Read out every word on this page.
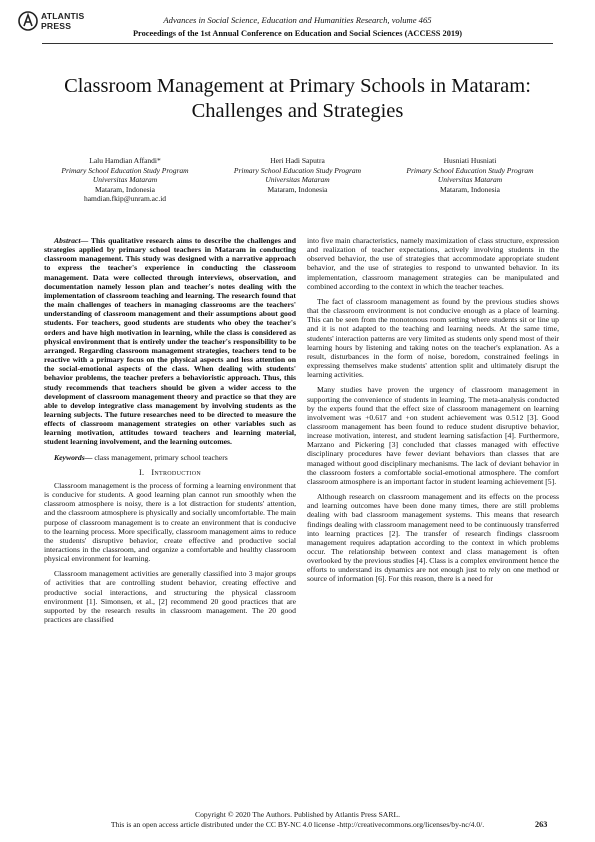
ATLANTIS
PRESS
Advances in Social Science, Education and Humanities Research, volume 465
Proceedings of the 1st Annual Conference on Education and Social Sciences (ACCESS 2019)
Classroom Management at Primary Schools in Mataram: Challenges and Strategies
Lalu Hamdian Affandi*
Primary School Education Study Program
Universitas Mataram
Mataram, Indonesia
hamdian.fkip@unram.ac.id
Heri Hadi Saputra
Primary School Education Study Program
Universitas Mataram
Mataram, Indonesia
Husniati Husniati
Primary School Education Study Program
Universitas Mataram
Mataram, Indonesia

Abstract— This qualitative research aims to describe the challenges and strategies applied by primary school teachers in Mataram in conducting classroom management. This study was designed with a narrative approach to express the teacher's experience in conducting the classroom management. Data were collected through interviews, observation, and documentation namely lesson plan and teacher's notes dealing with the implementation of classroom teaching and learning. The research found that the main challenges of teachers in managing classrooms are the teachers' understanding of classroom management and their assumptions about good students. For teachers, good students are students who obey the teacher's orders and have high motivation in learning, while the class is considered as physical environment that is entirely under the teacher's responsibility to be arranged. Regarding classroom management strategies, teachers tend to be reactive with a primary focus on the physical aspects and less attention on the social-emotional aspects of the class. When dealing with students' behavior problems, the teacher prefers a behavioristic approach. Thus, this study recommends that teachers should be given a wider access to the development of classroom management theory and practice so that they are able to develop integrative class management by involving students as the learning subjects. The future researches need to be directed to measure the effects of classroom management strategies on other variables such as learning motivation, attitudes toward teachers and learning material, student learning involvement, and the learning outcomes.

Keywords— class management, primary school teachers

I. Introduction

Classroom management is the process of forming a learning environment that is conducive for students. A good learning plan cannot run smoothly when the classroom atmosphere is noisy, there is a lot distraction for students' attention, and the classroom atmosphere is physically and socially uncomfortable. The main purpose of classroom management is to create an environment that is conducive to the learning process. More specifically, classroom management aims to reduce the students' disruptive behavior, create effective and productive social interactions in the classroom, and organize a comfortable and healthy classroom physical environment for learning.

Classroom management activities are generally classified into 3 major groups of activities that are controlling student behavior, creating effective and productive social interactions, and structuring the physical classroom environment [1]. Simonsen, et al., [2] recommend 20 good practices that are supported by the research results in classroom management. The 20 good practices are classified

into five main characteristics, namely maximization of class structure, expression and realization of teacher expectations, actively involving students in the observed behavior, the use of strategies that accommodate appropriate student behavior, and the use of strategies to respond to unwanted behavior. In its implementation, classroom management strategies can be manipulated and combined according to the context in which the teacher teaches.

The fact of classroom management as found by the previous studies shows that the classroom environment is not conducive enough as a place of learning. This can be seen from the monotonous room setting where students sit or line up and it is not adapted to the teaching and learning needs. At the same time, students' interaction patterns are very limited as students only spend most of their learning hours by listening and taking notes on the teacher's explanation. As a result, disturbances in the form of noise, boredom, constrained feelings in expressing themselves make students' attention split and ultimately disrupt the learning activities.

Many studies have proven the urgency of classroom management in supporting the convenience of students in learning. The meta-analysis conducted by the experts found that the effect size of classroom management on learning involvement was +0.617 and +on student achievement was 0.512 [3]. Good classroom management has been found to reduce student disruptive behavior, increase motivation, interest, and student learning satisfaction [4]. Furthermore, Marzano and Pickering [3] concluded that classes managed with effective disciplinary procedures have fewer deviant behaviors than classes that are managed without good disciplinary mechanisms. The lack of deviant behavior in the classroom fosters a comfortable social-emotional atmosphere. The comfort classroom atmosphere is an important factor in student learning achievement [5].

Although research on classroom management and its effects on the process and learning outcomes have been done many times, there are still problems dealing with bad classroom management systems. This means that research findings dealing with classroom management need to be continuously transferred into learning practices [2]. The transfer of research findings classroom management requires adaptation according to the context in which problems occur. The relationship between context and class management is often overlooked by the previous studies [4]. Class is a complex environment hence the efforts to understand its dynamics are not enough just to rely on one method or source of information [6]. For this reason, there is a need for

Copyright © 2020 The Authors. Published by Atlantis Press SARL.
This is an open access article distributed under the CC BY-NC 4.0 license -http://creativecommons.org/licenses/by-nc/4.0/.	263
